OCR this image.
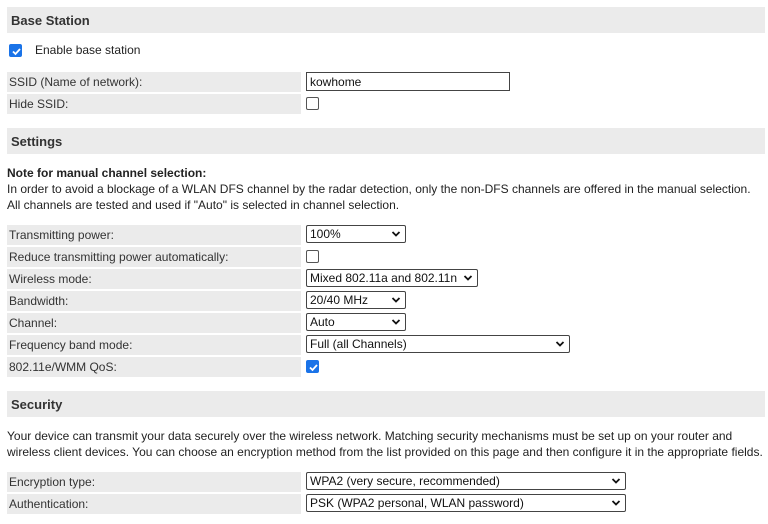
Base Station
Enable base station
SSID (Name of network):
kowhome
Hide SSID:
Settings
Note for manual channel selection:
In order to avoid a blockage of a WLAN DFS channel by the radar detection, only the non-DFS channels are offered in the manual selection.
All channels are tested and used if "Auto" is selected in channel selection.
Transmitting power:	100%
Reduce transmitting power automatically:
Wireless mode:	Mixed 802.11a and 802.11n
Bandwidth:	20/40 MHz
Channel:	Auto
Frequency band mode:	Full (all Channels)
802.11e/WMM QoS:
Security
Your device can transmit your data securely over the wireless network. Matching security mechanisms must be set up on your router and
wireless client devices. You can choose an encryption method from the list provided on this page and then configure it in the appropriate fields.
Encryption type:	WPA2 (very secure, recommended)
Authentication:	PSK (WPA2 personal, WLAN password)
